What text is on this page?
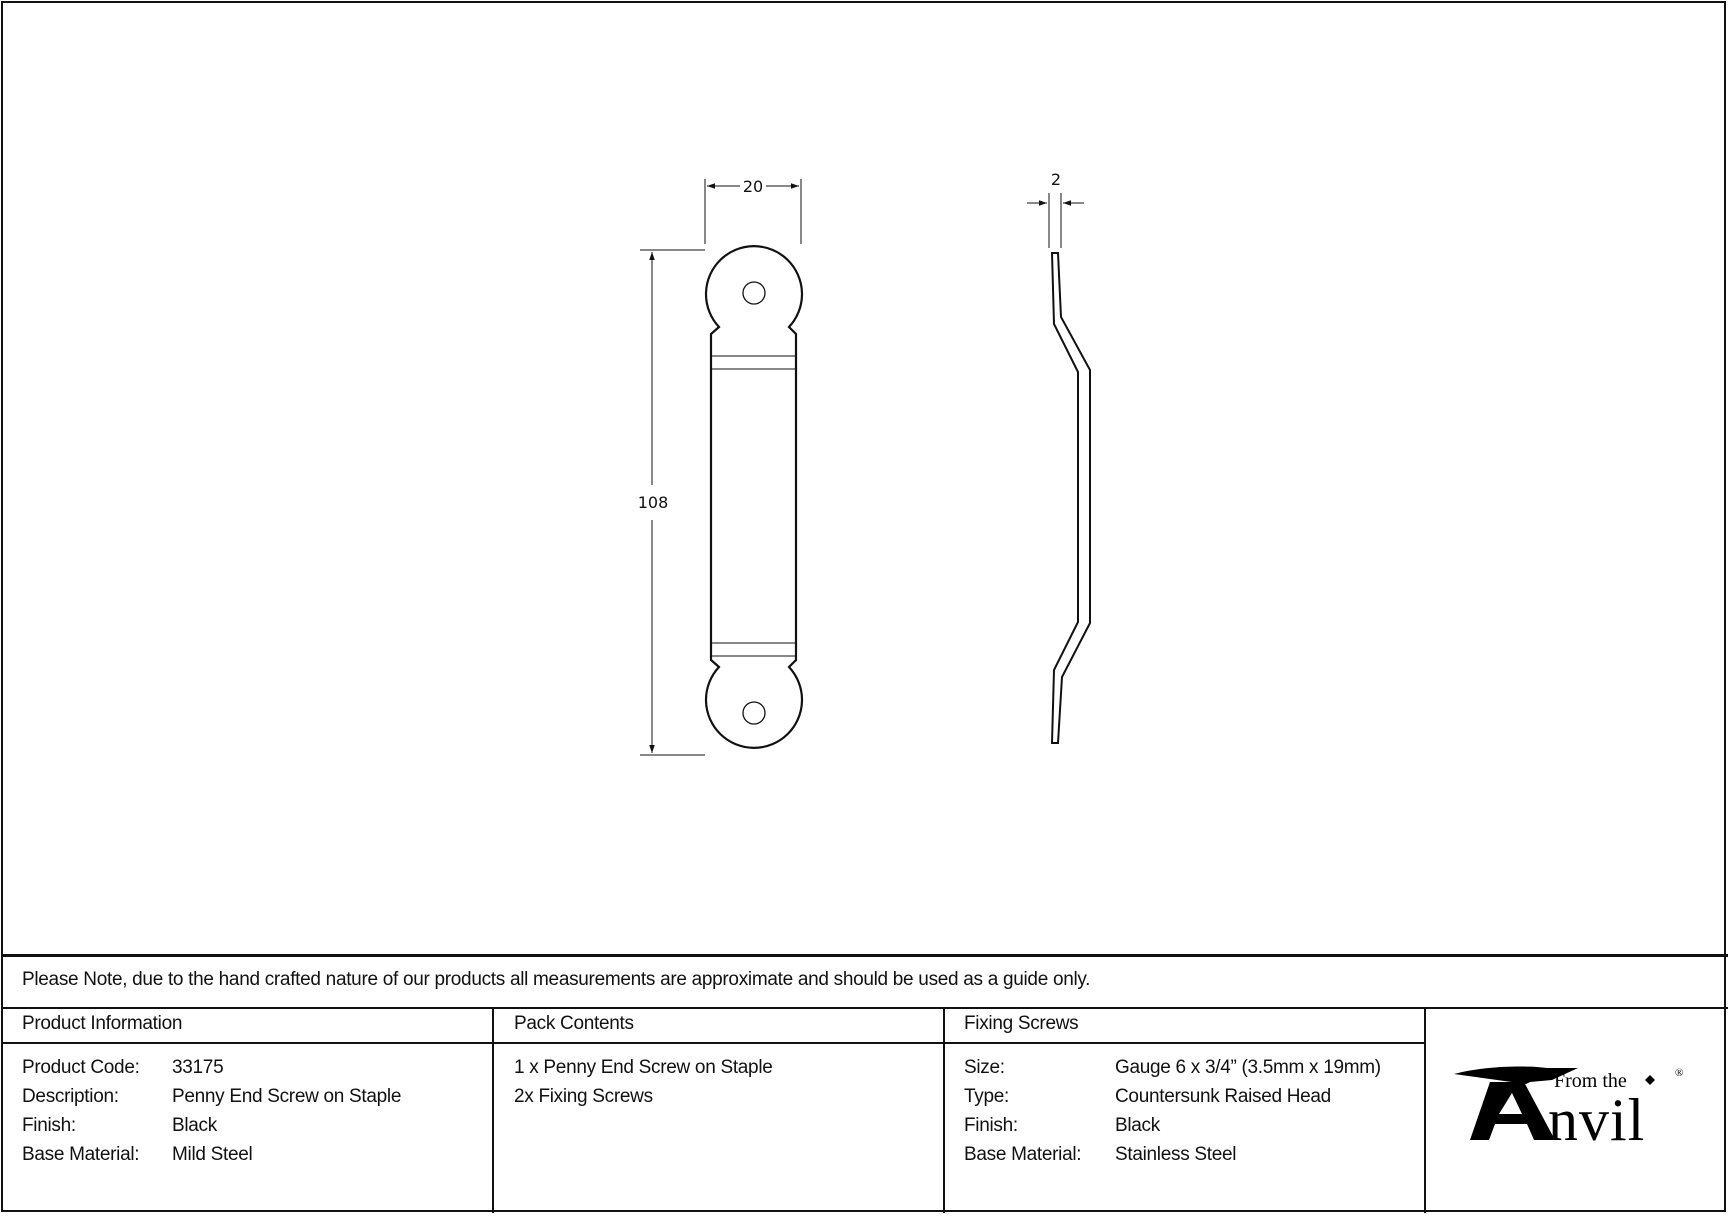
20
108
2
Please Note, due to the hand crafted nature of our products all measurements are approximate and should be used as a guide only.
Product Information
Product Code: 33175
Description:	Penny End Screw on Staple
Finish:	Black
Base Material: Mild Steel
Pack Contents
1 x Penny End Screw on Staple
2x Fixing Screws
Fixing Screws
Size:	Gauge 6 x 3/4” (3.5mm x 19mm)
Type:	Countersunk Raised Head
Finish:	Black
Base Material: Stainless Steel
From the
nvil
®
